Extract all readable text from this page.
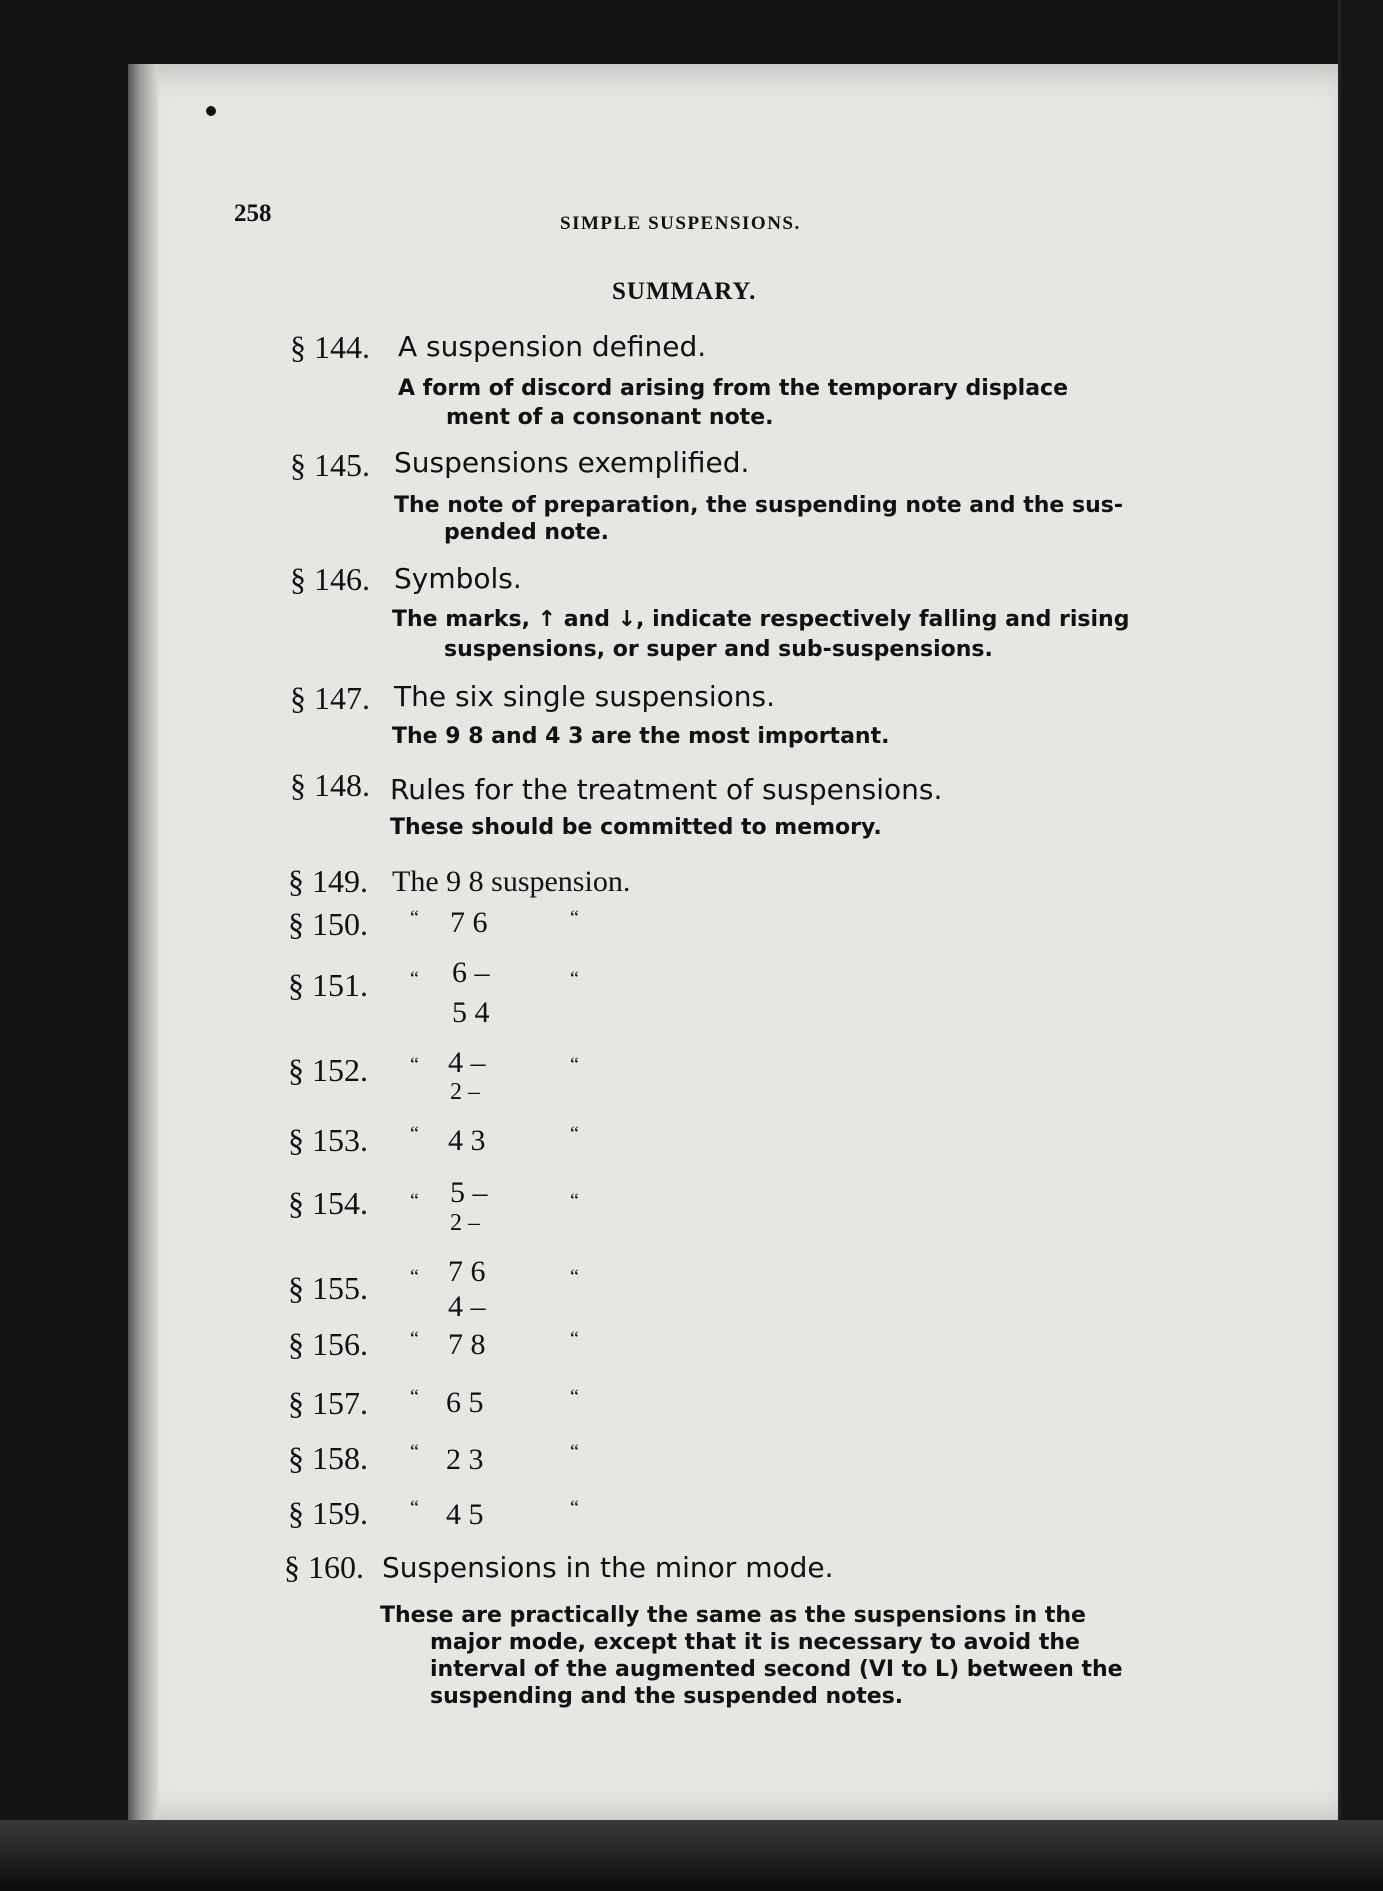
258	SIMPLE SUSPENSIONS.
SUMMARY.
§ 144. A suspension defined.
A form of discord arising from the temporary displace
ment of a consonant note.
§ 145. Suspensions exemplified.
The note of preparation, the suspending note and the sus-
pended note.
§ 146. Symbols.
The marks, ↑ and ↓, indicate respectively falling and rising
suspensions, or super and sub-suspensions.
§ 147. The six single suspensions.
The 9 8 and 4 3 are the most important.
§ 148. Rules for the treatment of suspensions.
These should be committed to memory.
§ 149. The 9 8 suspension.
§ 150. “ 7 6	“
§ 151. “ 6 –
5 4
“
§ 152. “ 4 –
2 –
“
§ 153. “ 4 3	“
§ 154. “ 5 –
2 –
“
§ 155. “ 7 6
4 –
“
§ 156. “ 7 8	“
§ 157. “ 6 5	“
§ 158. “ 2 3	“
§ 159. “ 4 5	“
§ 160. Suspensions in the minor mode.
These are practically the same as the suspensions in the
major mode, except that it is necessary to avoid the
interval of the augmented second (VI to L) between the
suspending and the suspended notes.
